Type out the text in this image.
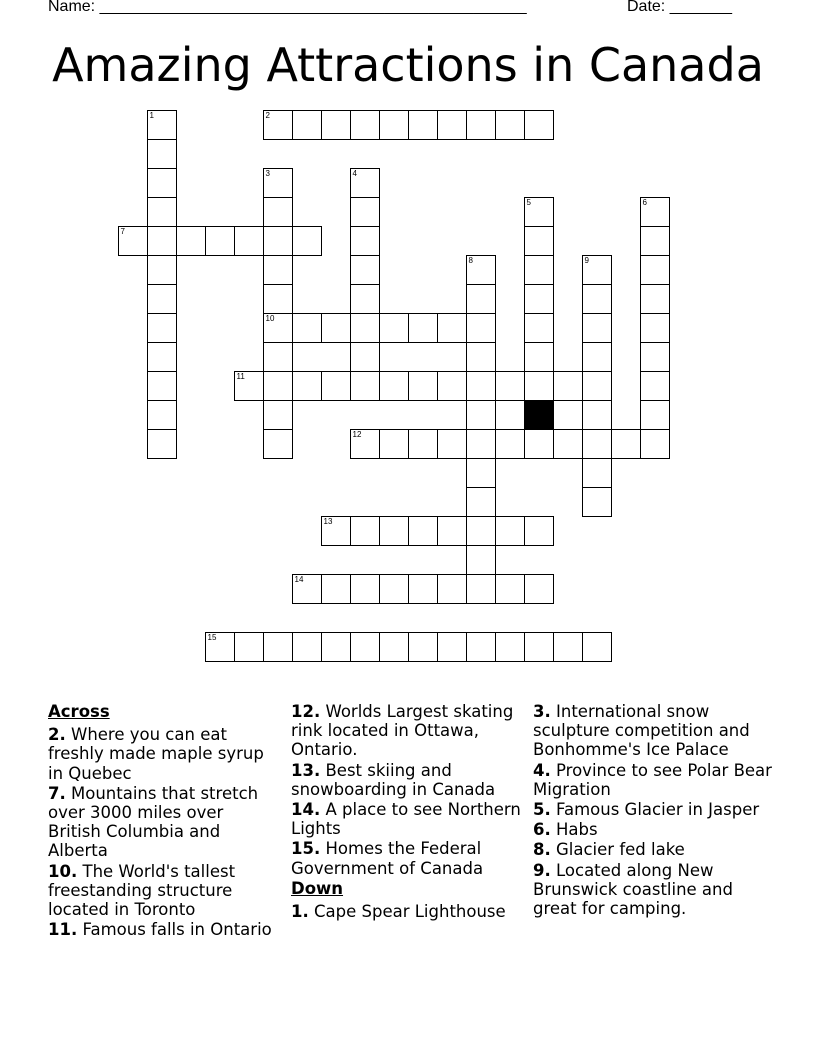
Name: ________________________________________________	Date: _______
Amazing Attractions in Canada
2
7
10
11
12
13
14
15
1
3	4
5	6
8	9
Across
2. Where you can eat freshly made maple syrup in Quebec
7. Mountains that stretch over 3000 miles over British Columbia and Alberta
10. The World's tallest freestanding structure located in Toronto
11. Famous falls in Ontario
12. Worlds Largest skating rink located in Ottawa, Ontario.
13. Best skiing and snowboarding in Canada
14. A place to see Northern Lights
15. Homes the Federal Government of Canada
Down
1. Cape Spear Lighthouse
3. International snow sculpture competition and Bonhomme's Ice Palace
4. Province to see Polar Bear Migration
5. Famous Glacier in Jasper
6. Habs
8. Glacier fed lake
9. Located along New Brunswick coastline and great for camping.
